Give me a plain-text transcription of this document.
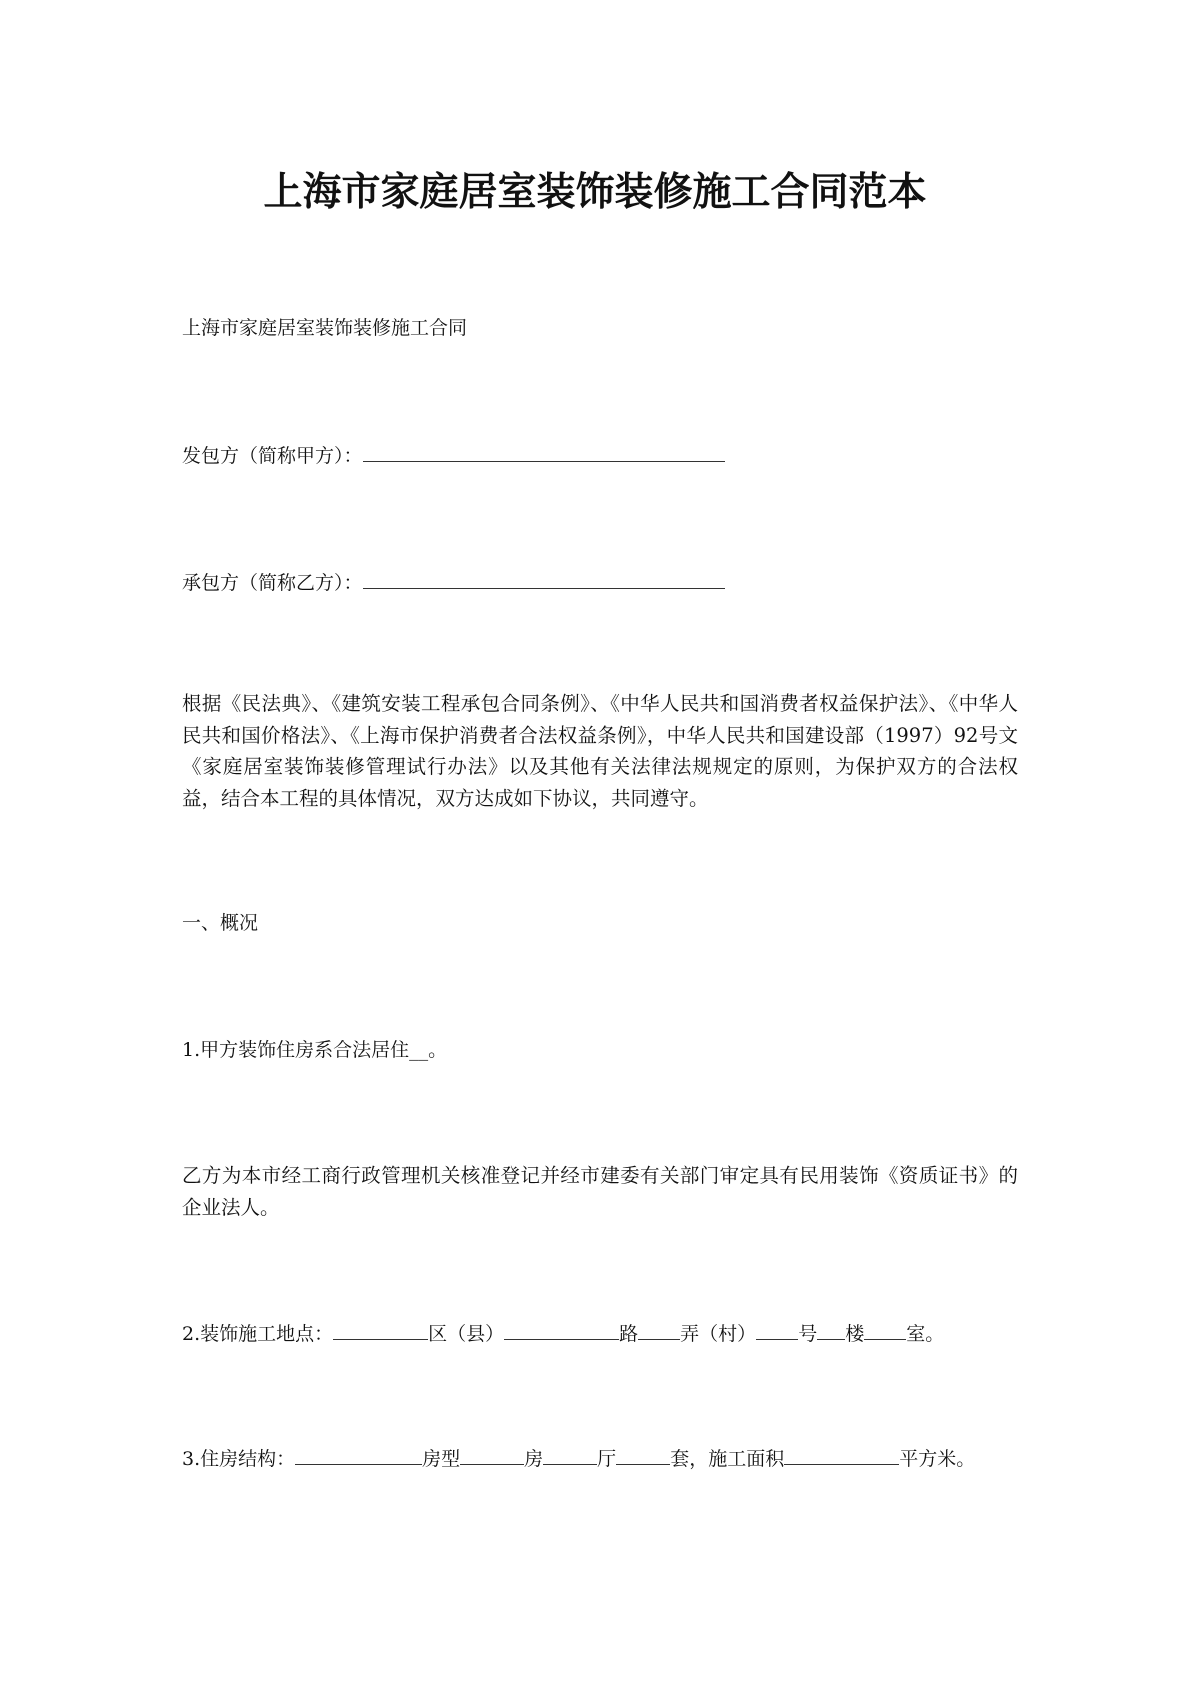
上海市家庭居室装饰装修施工合同范本
上海市家庭居室装饰装修施工合同
发包方（简称甲方）：
承包方（简称乙方）：
根据《民法典》、《建筑安装工程承包合同条例》、《中华人民共和国消费者权益保护法》、《中华人民共和国价格法》、《上海市保护消费者合法权益条例》，中华人民共和国建设部（1997）92号文《家庭居室装饰装修管理试行办法》以及其他有关法律法规规定的原则，为保护双方的合法权益，结合本工程的具体情况，双方达成如下协议，共同遵守。
一、概况
1.甲方装饰住房系合法居住__。
乙方为本市经工商行政管理机关核准登记并经市建委有关部门审定具有民用装饰《资质证书》的企业法人。
2.装饰施工地点：	区（县）	路 弄（村） 号 楼 室。
3.住房结构：	房型	房	厅	套，施工面积	平方米。
